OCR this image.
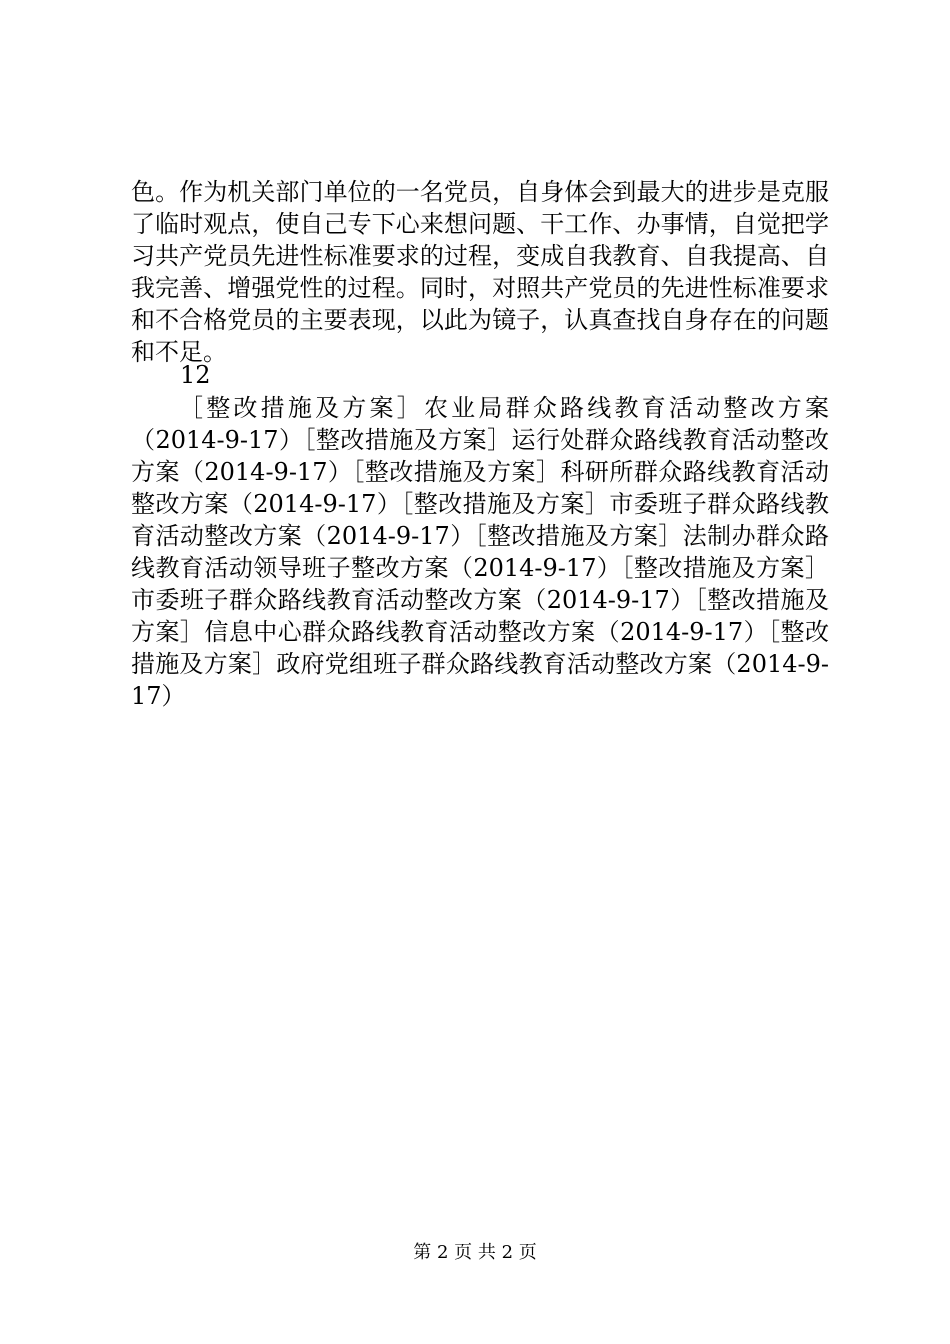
色。作为机关部门单位的一名党员，自身体会到最大的进步是克服了临时观点，使自己专下心来想问题、干工作、办事情，自觉把学习共产党员先进性标准要求的过程，变成自我教育、自我提高、自我完善、增强党性的过程。同时，对照共产党员的先进性标准要求和不合格党员的主要表现，以此为镜子，认真查找自身存在的问题和不足。
12
［整改措施及方案］农业局群众路线教育活动整改方案（2014-9-17）［整改措施及方案］运行处群众路线教育活动整改方案（2014-9-17）［整改措施及方案］科研所群众路线教育活动整改方案（2014-9-17）［整改措施及方案］市委班子群众路线教育活动整改方案（2014-9-17）［整改措施及方案］法制办群众路线教育活动领导班子整改方案（2014-9-17）［整改措施及方案］市委班子群众路线教育活动整改方案（2014-9-17）［整改措施及方案］信息中心群众路线教育活动整改方案（2014-9-17）［整改措施及方案］政府党组班子群众路线教育活动整改方案（2014-9-17）
第 2 页 共 2 页
